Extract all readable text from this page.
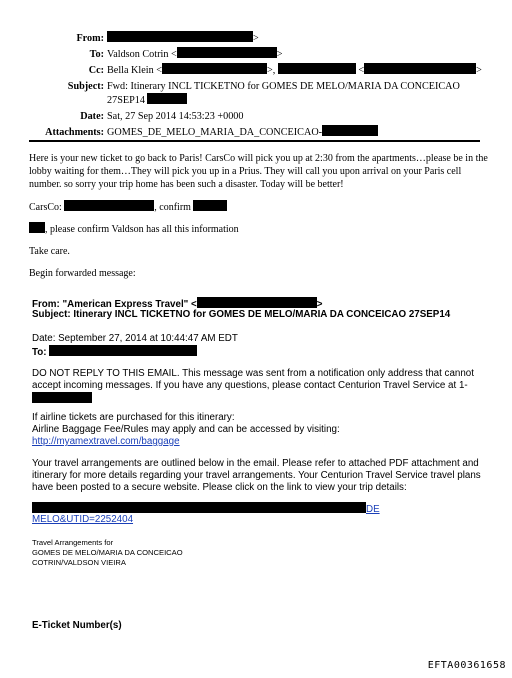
From:	>
To: Valdson Cotrin <	>
Cc: Bella Klein <	>,	<	>
Subject: Fwd: Itinerary INCL TICKETNO for GOMES DE MELO/MARIA DA CONCEICAO
27SEP14
Date: Sat, 27 Sep 2014 14:53:23 +0000
Attachments: GOMES_DE_MELO_MARIA_DA_CONCEICAO-
Here is your new ticket to go back to Paris! CarsCo will pick you up at 2:30 from the apartments…please be in the lobby waiting for them…They will pick you up in a Prius. They will call you upon arrival on your Paris cell number. so sorry your trip home has been such a disaster. Today will be better!
CarsCo:	, confirm
, please confirm Valdson has all this information
Take care.
Begin forwarded message:
From: "American Express Travel" <	>
Subject: Itinerary INCL TICKETNO for GOMES DE MELO/MARIA DA CONCEICAO 27SEP14
Date: September 27, 2014 at 10:44:47 AM EDT
To:
DO NOT REPLY TO THIS EMAIL. This message was sent from a notification only address that cannot accept incoming messages. If you have any questions, please contact Centurion Travel Service at 1-
If airline tickets are purchased for this itinerary:
Airline Baggage Fee/Rules may apply and can be accessed by visiting:
http://myamextravel.com/baggage
Your travel arrangements are outlined below in the email. Please refer to attached PDF attachment and itinerary for more details regarding your travel arrangements. Your Centurion Travel Service travel plans have been posted to a secure website. Please click on the link to view your trip details:
DE
MELO&UTID=2252404
Travel Arrangements for
GOMES DE MELO/MARIA DA CONCEICAO
COTRIN/VALDSON VIEIRA
E-Ticket Number(s)
EFTA00361658
